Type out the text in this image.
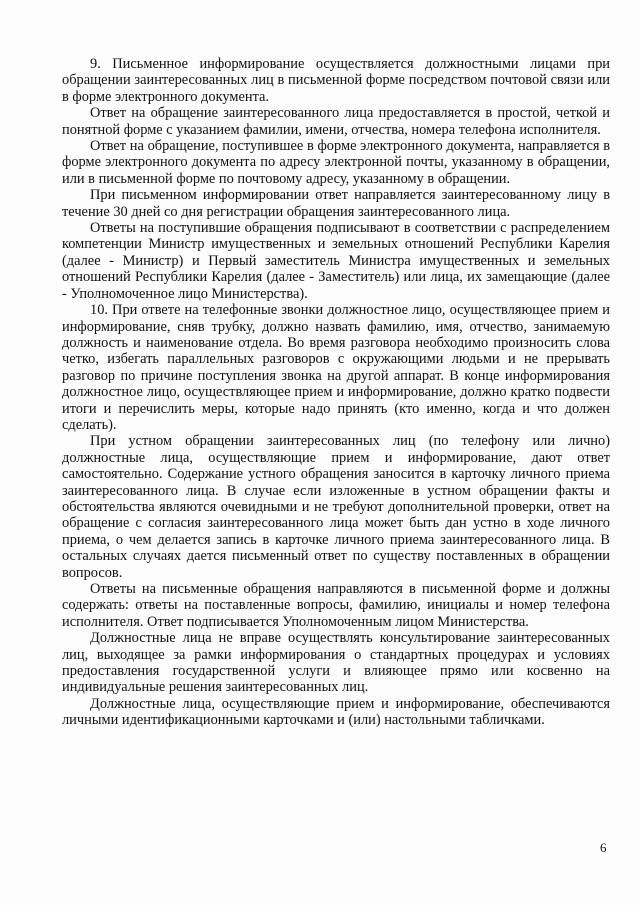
9. Письменное информирование осуществляется должностными лицами при обращении заинтересованных лиц в письменной форме посредством почтовой связи или в форме электронного документа.

Ответ на обращение заинтересованного лица предоставляется в простой, четкой и понятной форме с указанием фамилии, имени, отчества, номера телефона исполнителя.

Ответ на обращение, поступившее в форме электронного документа, направляется в форме электронного документа по адресу электронной почты, указанному в обращении, или в письменной форме по почтовому адресу, указанному в обращении.

При письменном информировании ответ направляется заинтересованному лицу в течение 30 дней со дня регистрации обращения заинтересованного лица.

Ответы на поступившие обращения подписывают в соответствии с распределением компетенции Министр имущественных и земельных отношений Республики Карелия (далее - Министр) и Первый заместитель Министра имущественных и земельных отношений Республики Карелия (далее - Заместитель) или лица, их замещающие (далее - Уполномоченное лицо Министерства).

10. При ответе на телефонные звонки должностное лицо, осуществляющее прием и информирование, сняв трубку, должно назвать фамилию, имя, отчество, занимаемую должность и наименование отдела. Во время разговора необходимо произносить слова четко, избегать параллельных разговоров с окружающими людьми и не прерывать разговор по причине поступления звонка на другой аппарат. В конце информирования должностное лицо, осуществляющее прием и информирование, должно кратко подвести итоги и перечислить меры, которые надо принять (кто именно, когда и что должен сделать).

При устном обращении заинтересованных лиц (по телефону или лично) должностные лица, осуществляющие прием и информирование, дают ответ самостоятельно. Содержание устного обращения заносится в карточку личного приема заинтересованного лица. В случае если изложенные в устном обращении факты и обстоятельства являются очевидными и не требуют дополнительной проверки, ответ на обращение с согласия заинтересованного лица может быть дан устно в ходе личного приема, о чем делается запись в карточке личного приема заинтересованного лица. В остальных случаях дается письменный ответ по существу поставленных в обращении вопросов.

Ответы на письменные обращения направляются в письменной форме и должны содержать: ответы на поставленные вопросы, фамилию, инициалы и номер телефона исполнителя. Ответ подписывается Уполномоченным лицом Министерства.

Должностные лица не вправе осуществлять консультирование заинтересованных лиц, выходящее за рамки информирования о стандартных процедурах и условиях предоставления государственной услуги и влияющее прямо или косвенно на индивидуальные решения заинтересованных лиц.

Должностные лица, осуществляющие прием и информирование, обеспечиваются личными идентификационными карточками и (или) настольными табличками.

6
